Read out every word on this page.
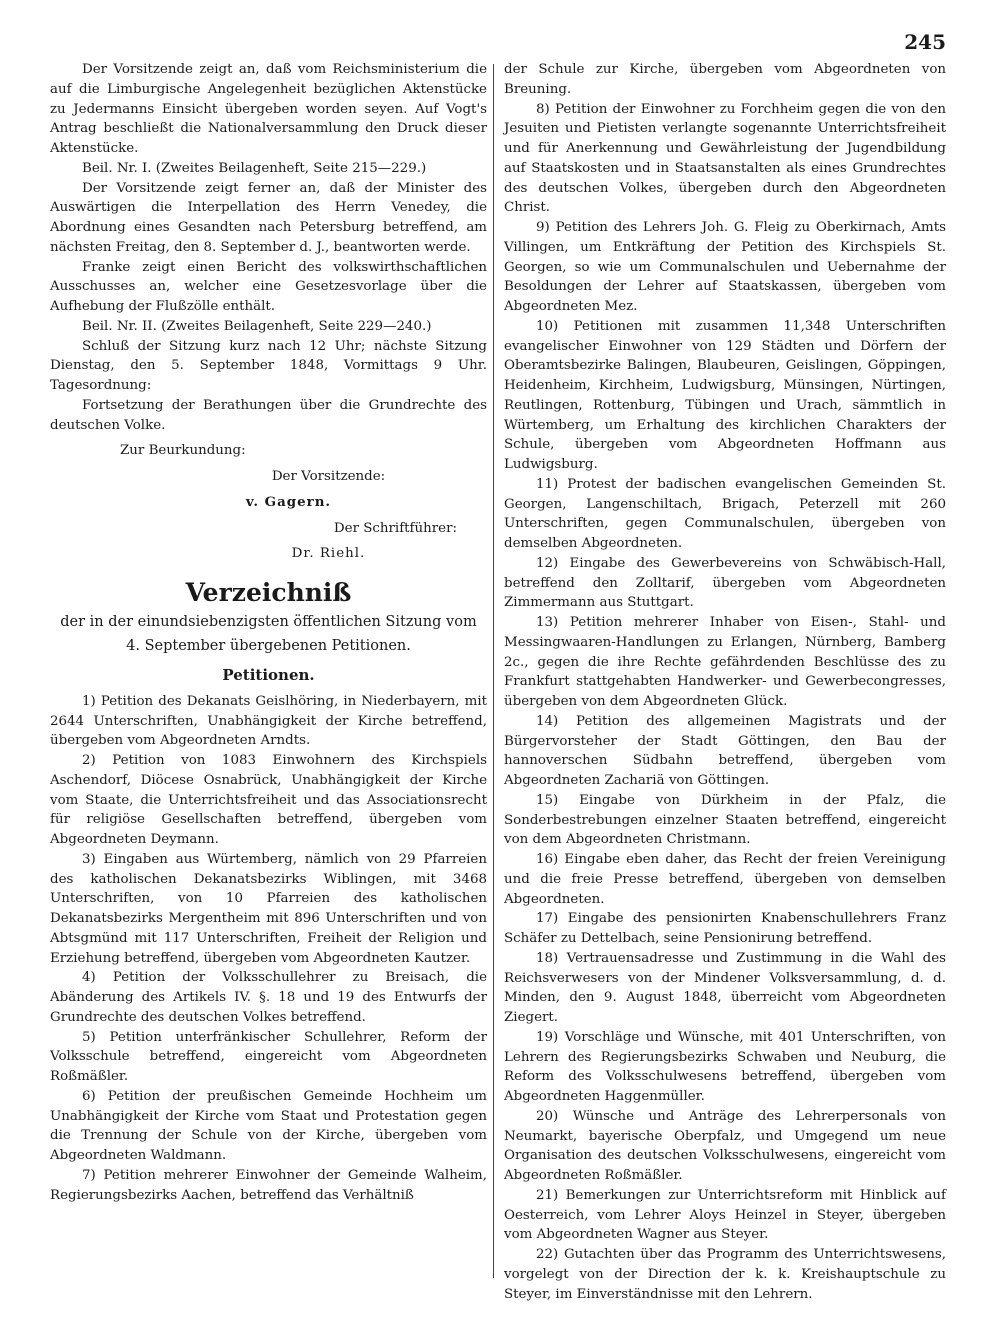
245

Der Vorsitzende zeigt an, daß vom Reichsministerium die auf die Limburgische Angelegenheit bezüglichen Aktenstücke zu Jedermanns Einsicht übergeben worden seyen. Auf Vogt's Antrag beschließt die Nationalversammlung den Druck dieser Aktenstücke.

Beil. Nr. I. (Zweites Beilagenheft, Seite 215—229.)

Der Vorsitzende zeigt ferner an, daß der Minister des Auswärtigen die Interpellation des Herrn Venedey, die Abordnung eines Gesandten nach Petersburg betreffend, am nächsten Freitag, den 8. September d. J., beantworten werde.

Franke zeigt einen Bericht des volkswirthschaftlichen Ausschusses an, welcher eine Gesetzesvorlage über die Aufhebung der Flußzölle enthält.

Beil. Nr. II. (Zweites Beilagenheft, Seite 229—240.)

Schluß der Sitzung kurz nach 12 Uhr; nächste Sitzung Dienstag, den 5. September 1848, Vormittags 9 Uhr. Tagesordnung:

Fortsetzung der Berathungen über die Grundrechte des deutschen Volke.

Zur Beurkundung:

Der Vorsitzende:

v. Gagern.

Der Schriftführer:

Dr. Riehl.

Verzeichniß

der in der einundsiebenzigsten öffentlichen Sitzung vom

4. September übergebenen Petitionen.

Petitionen.

1) Petition des Dekanats Geislhöring, in Niederbayern, mit 2644 Unterschriften, Unabhängigkeit der Kirche betreffend, übergeben vom Abgeordneten Arndts.

2) Petition von 1083 Einwohnern des Kirchspiels Aschendorf, Diöcese Osnabrück, Unabhängigkeit der Kirche vom Staate, die Unterrichtsfreiheit und das Associationsrecht für religiöse Gesellschaften betreffend, übergeben vom Abgeordneten Deymann.

3) Eingaben aus Würtemberg, nämlich von 29 Pfarreien des katholischen Dekanatsbezirks Wiblingen, mit 3468 Unterschriften, von 10 Pfarreien des katholischen Dekanatsbezirks Mergentheim mit 896 Unterschriften und von Abtsgmünd mit 117 Unterschriften, Freiheit der Religion und Erziehung betreffend, übergeben vom Abgeordneten Kautzer.

4) Petition der Volksschullehrer zu Breisach, die Abänderung des Artikels IV. §. 18 und 19 des Entwurfs der Grundrechte des deutschen Volkes betreffend.

5) Petition unterfränkischer Schullehrer, Reform der Volksschule betreffend, eingereicht vom Abgeordneten Roßmäßler.

6) Petition der preußischen Gemeinde Hochheim um Unabhängigkeit der Kirche vom Staat und Protestation gegen die Trennung der Schule von der Kirche, übergeben vom Abgeordneten Waldmann.

7) Petition mehrerer Einwohner der Gemeinde Walheim, Regierungsbezirks Aachen, betreffend das Verhältniß

der Schule zur Kirche, übergeben vom Abgeordneten von Breuning.

8) Petition der Einwohner zu Forchheim gegen die von den Jesuiten und Pietisten verlangte sogenannte Unterrichtsfreiheit und für Anerkennung und Gewährleistung der Jugendbildung auf Staatskosten und in Staatsanstalten als eines Grundrechtes des deutschen Volkes, übergeben durch den Abgeordneten Christ.

9) Petition des Lehrers Joh. G. Fleig zu Oberkirnach, Amts Villingen, um Entkräftung der Petition des Kirchspiels St. Georgen, so wie um Communalschulen und Uebernahme der Besoldungen der Lehrer auf Staatskassen, übergeben vom Abgeordneten Mez.

10) Petitionen mit zusammen 11,348 Unterschriften evangelischer Einwohner von 129 Städten und Dörfern der Oberamtsbezirke Balingen, Blaubeuren, Geislingen, Göppingen, Heidenheim, Kirchheim, Ludwigsburg, Münsingen, Nürtingen, Reutlingen, Rottenburg, Tübingen und Urach, sämmtlich in Würtemberg, um Erhaltung des kirchlichen Charakters der Schule, übergeben vom Abgeordneten Hoffmann aus Ludwigsburg.

11) Protest der badischen evangelischen Gemeinden St. Georgen, Langenschiltach, Brigach, Peterzell mit 260 Unterschriften, gegen Communalschulen, übergeben von demselben Abgeordneten.

12) Eingabe des Gewerbevereins von Schwäbisch-Hall, betreffend den Zolltarif, übergeben vom Abgeordneten Zimmermann aus Stuttgart.

13) Petition mehrerer Inhaber von Eisen-, Stahl- und Messingwaaren-Handlungen zu Erlangen, Nürnberg, Bamberg 2c., gegen die ihre Rechte gefährdenden Beschlüsse des zu Frankfurt stattgehabten Handwerker- und Gewerbecongresses, übergeben von dem Abgeordneten Glück.

14) Petition des allgemeinen Magistrats und der Bürgervorsteher der Stadt Göttingen, den Bau der hannoverschen Südbahn betreffend, übergeben vom Abgeordneten Zachariä von Göttingen.

15) Eingabe von Dürkheim in der Pfalz, die Sonderbestrebungen einzelner Staaten betreffend, eingereicht von dem Abgeordneten Christmann.

16) Eingabe eben daher, das Recht der freien Vereinigung und die freie Presse betreffend, übergeben von demselben Abgeordneten.

17) Eingabe des pensionirten Knabenschullehrers Franz Schäfer zu Dettelbach, seine Pensionirung betreffend.

18) Vertrauensadresse und Zustimmung in die Wahl des Reichsverwesers von der Mindener Volksversammlung, d. d. Minden, den 9. August 1848, überreicht vom Abgeordneten Ziegert.

19) Vorschläge und Wünsche, mit 401 Unterschriften, von Lehrern des Regierungsbezirks Schwaben und Neuburg, die Reform des Volksschulwesens betreffend, übergeben vom Abgeordneten Haggenmüller.

20) Wünsche und Anträge des Lehrerpersonals von Neumarkt, bayerische Oberpfalz, und Umgegend um neue Organisation des deutschen Volksschulwesens, eingereicht vom Abgeordneten Roßmäßler.

21) Bemerkungen zur Unterrichtsreform mit Hinblick auf Oesterreich, vom Lehrer Aloys Heinzel in Steyer, übergeben vom Abgeordneten Wagner aus Steyer.

22) Gutachten über das Programm des Unterrichtswesens, vorgelegt von der Direction der k. k. Kreishauptschule zu Steyer, im Einverständnisse mit den Lehrern.
